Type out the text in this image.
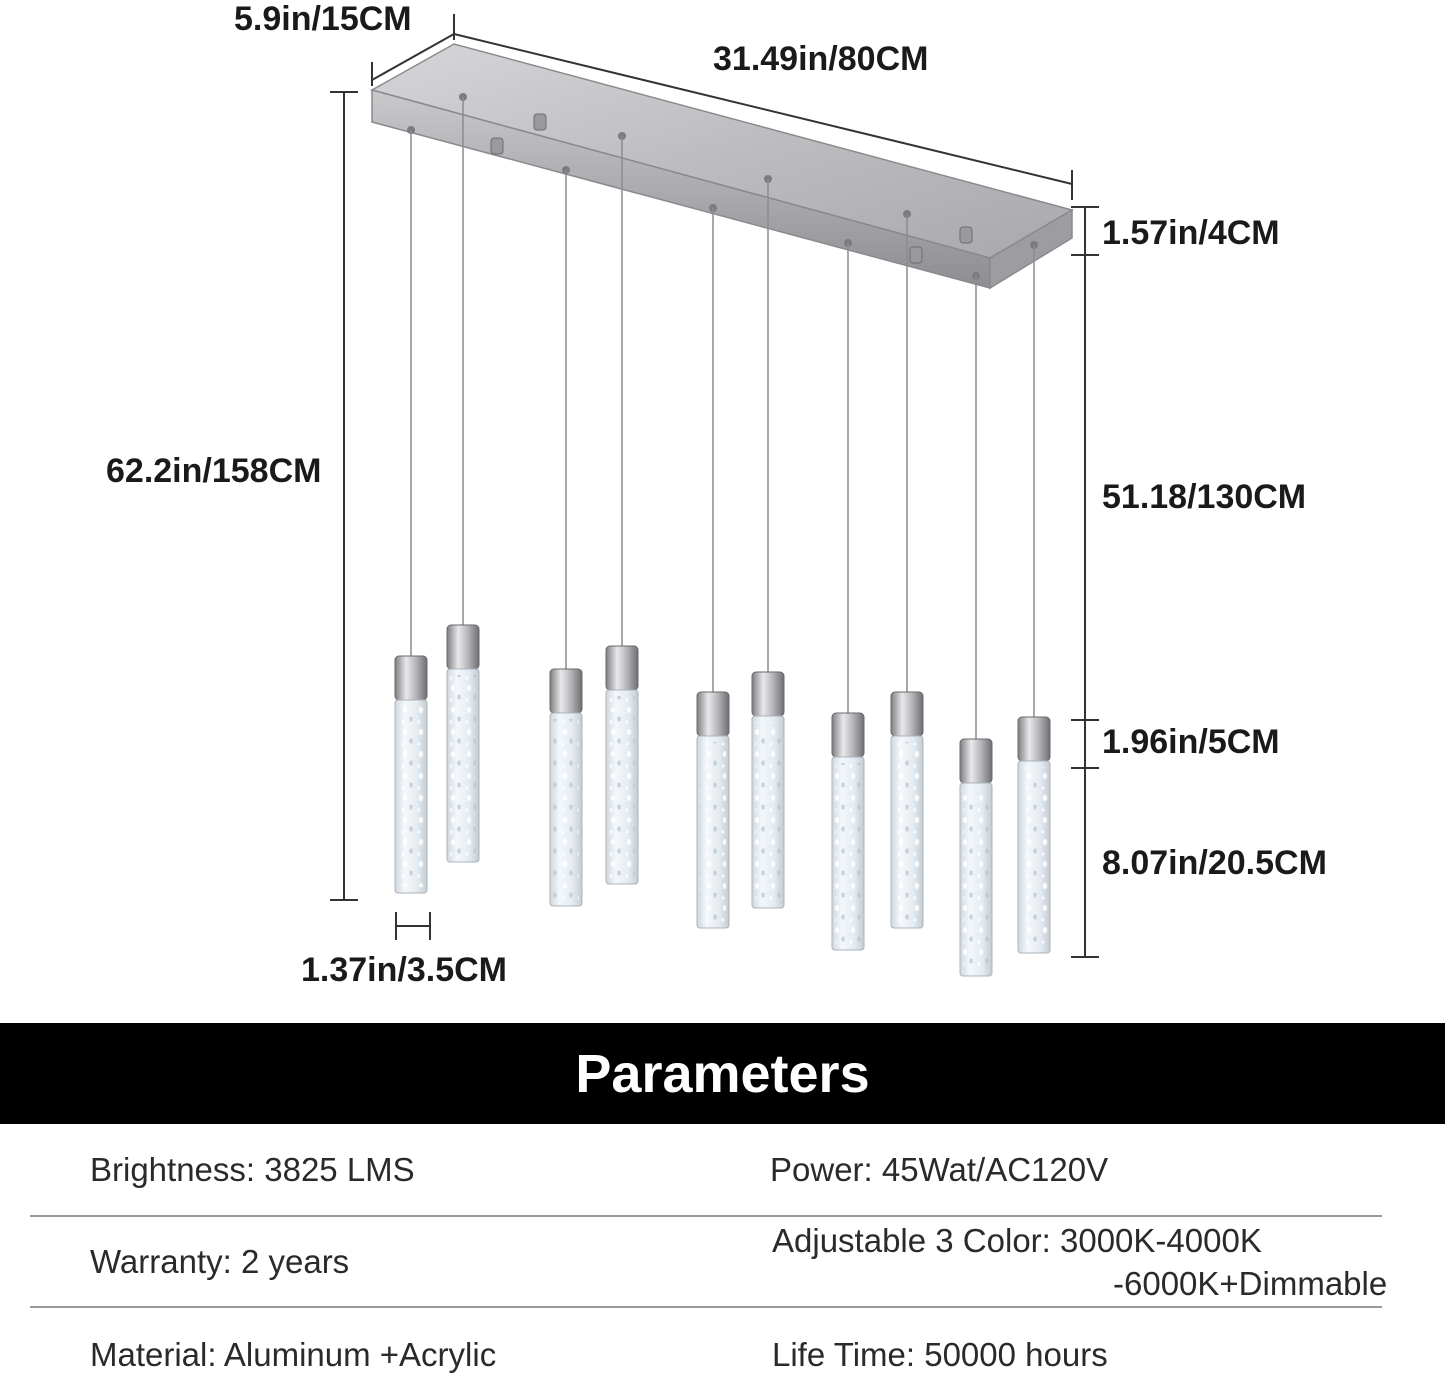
5.9in/15CM
31.49in/80CM
1.57in/4CM
62.2in/158CM
51.18/130CM
1.96in/5CM
8.07in/20.5CM
1.37in/3.5CM
Parameters
Brightness: 3825 LMS	Power: 45Wat/AC120V
Warranty: 2 years
Adjustable 3 Color: 3000K-4000K
-6000K+Dimmable
Material: Aluminum +Acrylic	Life Time: 50000 hours
